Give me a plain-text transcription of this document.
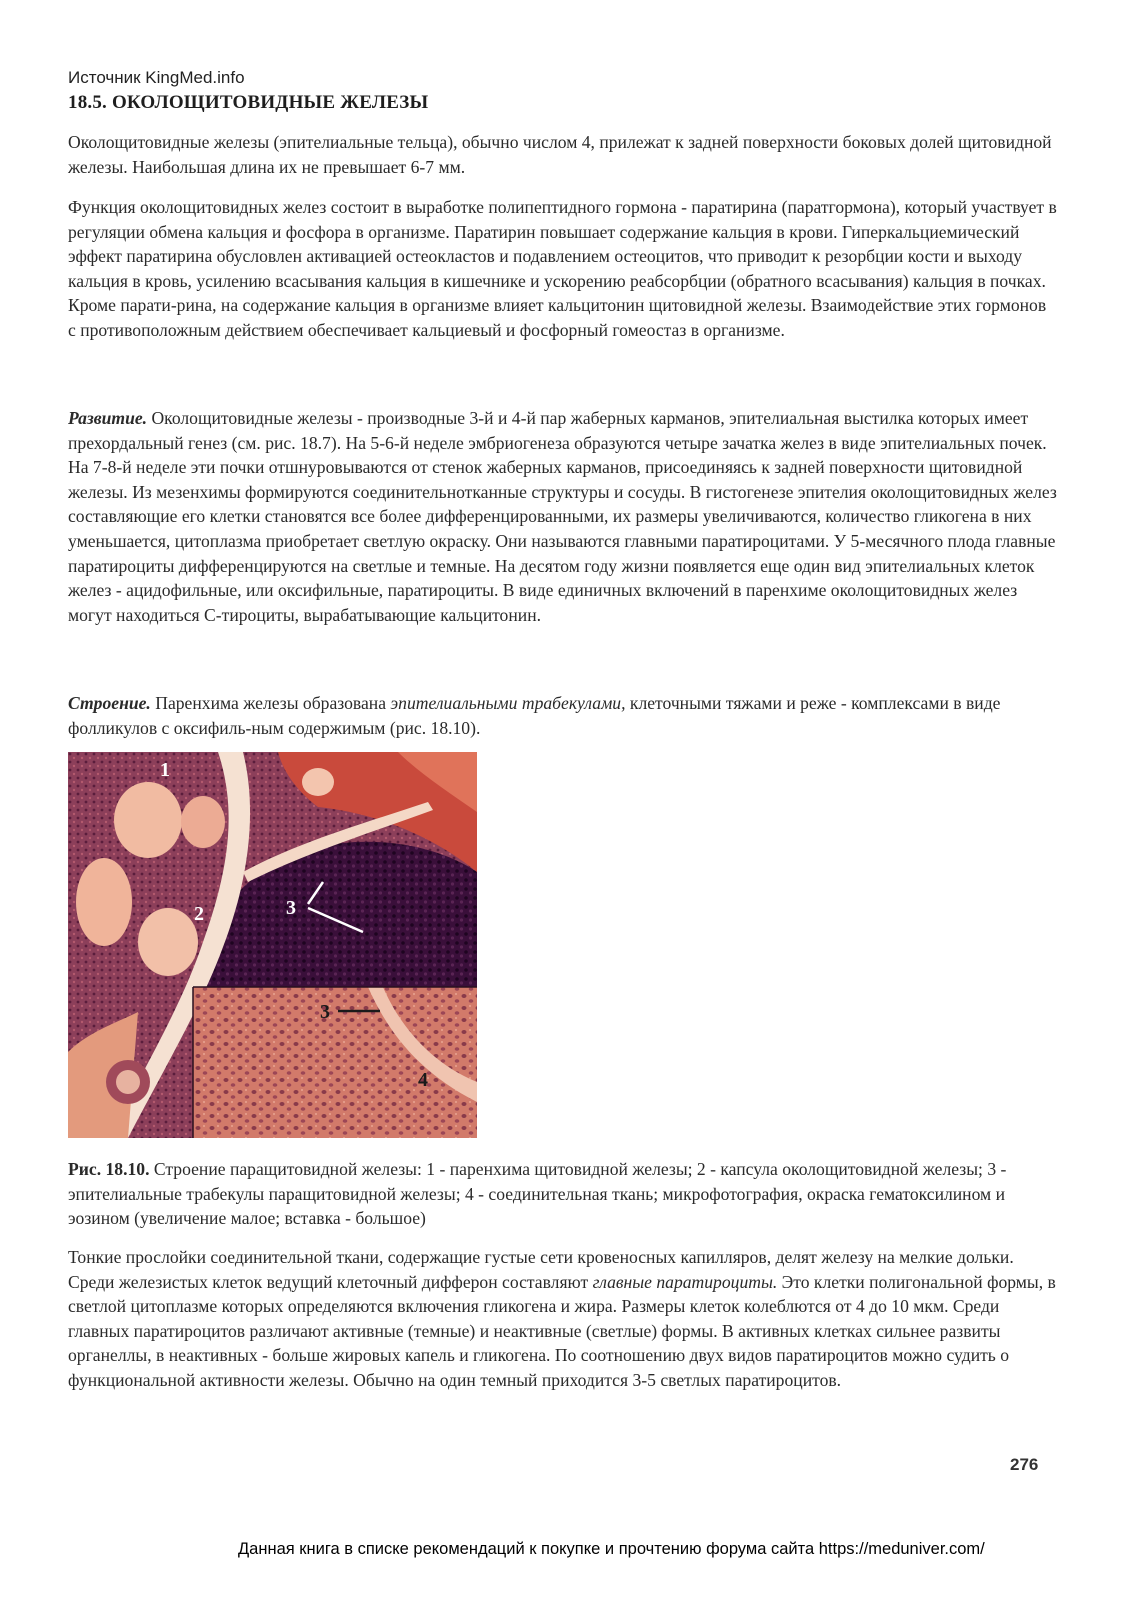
Источник KingMed.info
18.5. ОКОЛОЩИТОВИДНЫЕ ЖЕЛЕЗЫ

Околощитовидные железы (эпителиальные тельца), обычно числом 4, прилежат к задней поверхности боковых долей щитовидной железы. Наибольшая длина их не превышает 6-7 мм.

Функция околощитовидных желез состоит в выработке полипептидного гормона - паратирина (паратгормона), который участвует в регуляции обмена кальция и фосфора в организме. Паратирин повышает содержание кальция в крови. Гиперкальциемический эффект паратирина обусловлен активацией остеокластов и подавлением остеоцитов, что приводит к резорбции кости и выходу кальция в кровь, усилению всасывания кальция в кишечнике и ускорению реабсорбции (обратного всасывания) кальция в почках. Кроме парати-рина, на содержание кальция в организме влияет кальцитонин щитовидной железы. Взаимодействие этих гормонов с противоположным действием обеспечивает кальциевый и фосфорный гомеостаз в организме.

Развитие. Околощитовидные железы - производные 3-й и 4-й пар жаберных карманов, эпителиальная выстилка которых имеет прехордальный генез (см. рис. 18.7). На 5-6-й неделе эмбриогенеза образуются четыре зачатка желез в виде эпителиальных почек. На 7-8-й неделе эти почки отшнуровываются от стенок жаберных карманов, присоединяясь к задней поверхности щитовидной железы. Из мезенхимы формируются соединительнотканные структуры и сосуды. В гистогенезе эпителия околощитовидных желез составляющие его клетки становятся все более дифференцированными, их размеры увеличиваются, количество гликогена в них уменьшается, цитоплазма приобретает светлую окраску. Они называются главными паратироцитами. У 5-месячного плода главные паратироциты дифференцируются на светлые и темные. На десятом году жизни появляется еще один вид эпителиальных клеток желез - ацидофильные, или оксифильные, паратироциты. В виде единичных включений в паренхиме околощитовидных желез могут находиться С-тироциты, вырабатывающие кальцитонин.

Строение. Паренхима железы образована эпителиальными трабекулами, клеточными тяжами и реже - комплексами в виде фолликулов с оксифиль-ным содержимым (рис. 18.10).

1
2	3
3
4

Рис. 18.10. Строение паращитовидной железы: 1 - паренхима щитовидной железы; 2 - капсула околощитовидной железы; 3 - эпителиальные трабекулы паращитовидной железы; 4 - соединительная ткань; микрофотография, окраска гематоксилином и эозином (увеличение малое; вставка - большое)

Тонкие прослойки соединительной ткани, содержащие густые сети кровеносных капилляров, делят железу на мелкие дольки. Среди железистых клеток ведущий клеточный дифферон составляют главные паратироциты. Это клетки полигональной формы, в светлой цитоплазме которых определяются включения гликогена и жира. Размеры клеток колеблются от 4 до 10 мкм. Среди главных паратироцитов различают активные (темные) и неактивные (светлые) формы. В активных клетках сильнее развиты органеллы, в неактивных - больше жировых капель и гликогена. По соотношению двух видов паратироцитов можно судить о функциональной активности железы. Обычно на один темный приходится 3-5 светлых паратироцитов.

276
Данная книга в списке рекомендаций к покупке и прочтению форума сайта https://meduniver.com/
